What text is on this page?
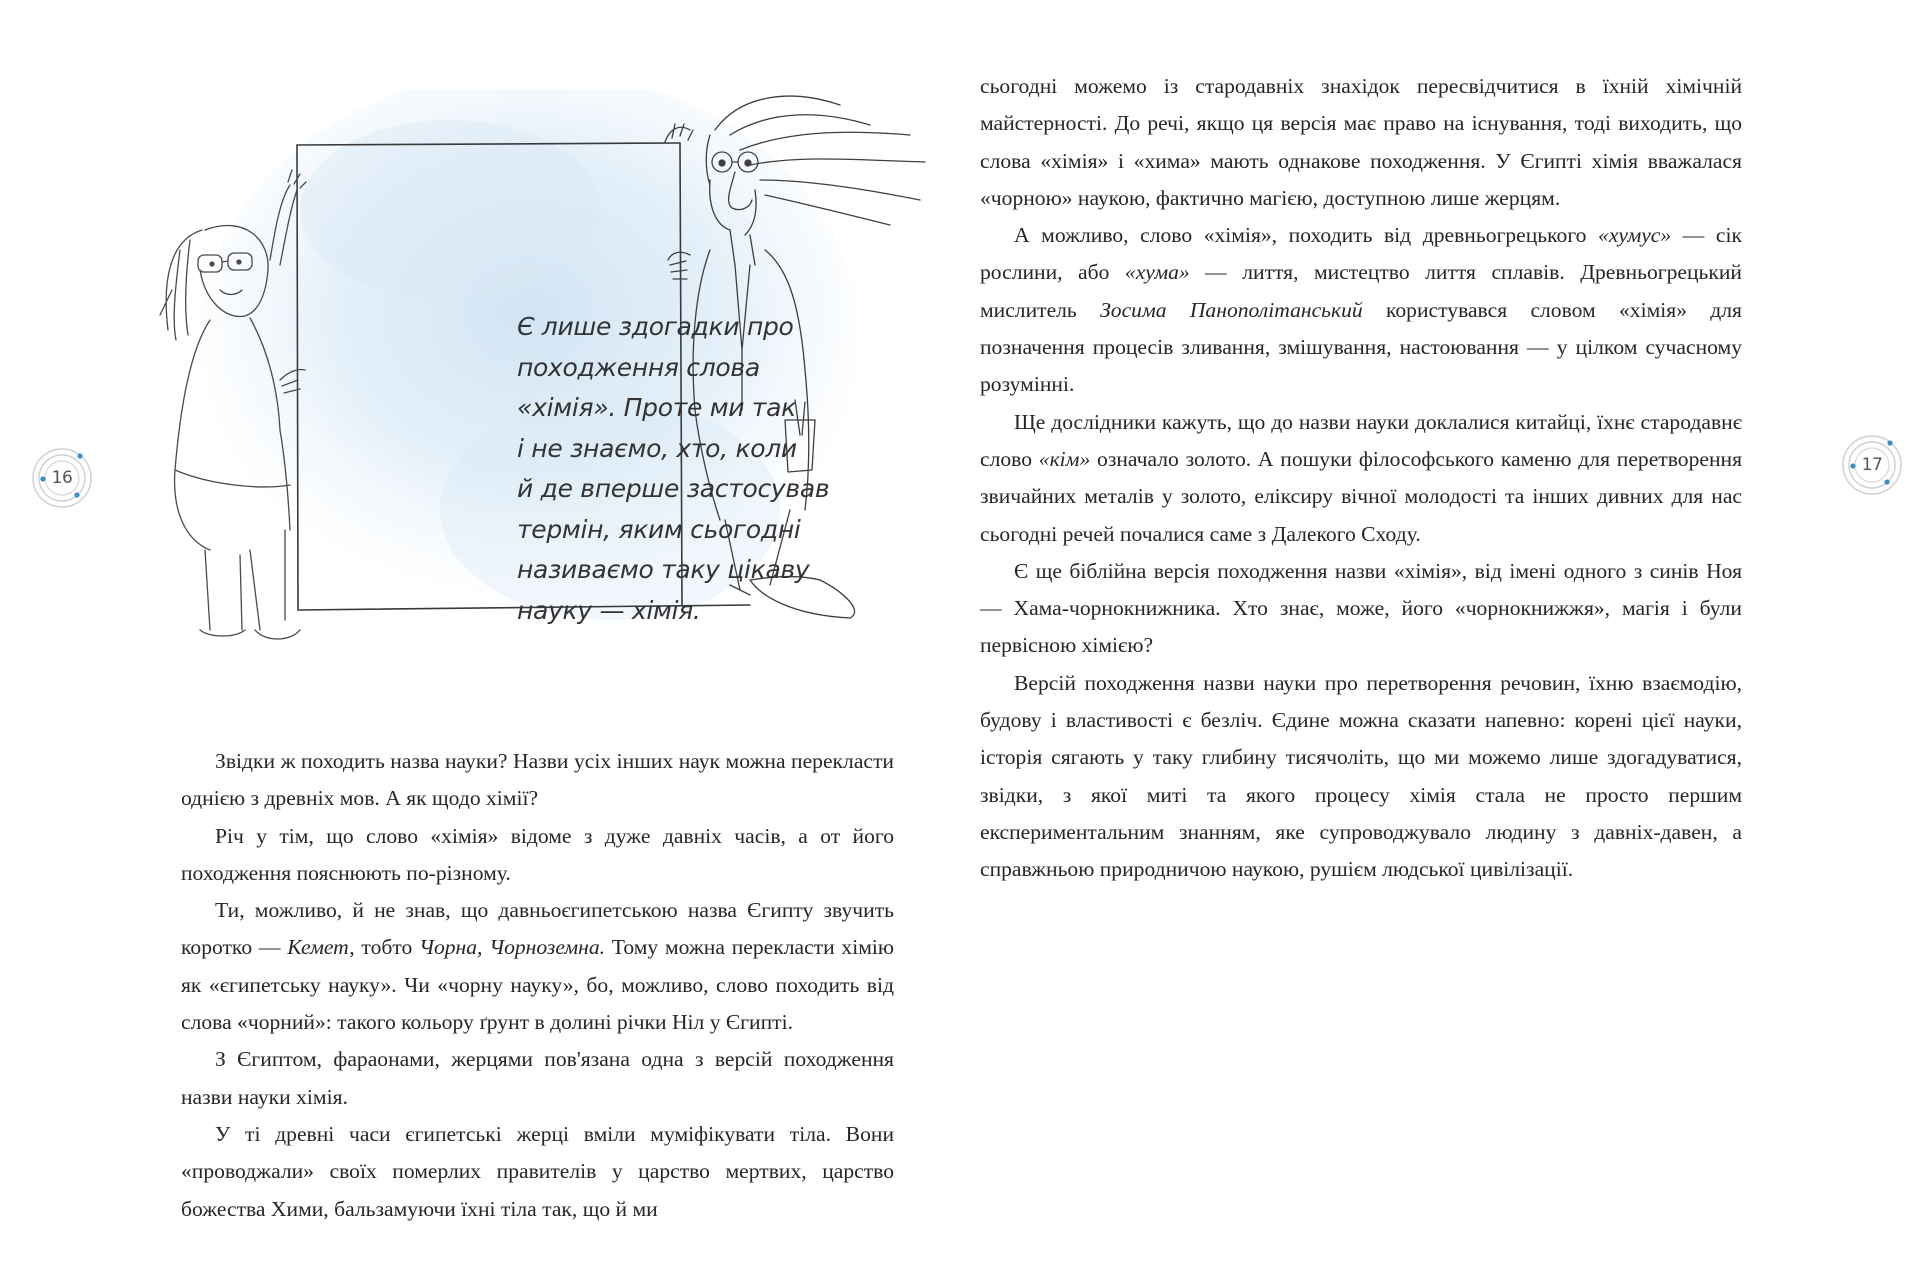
16
17
Є лише здогадки про
походження слова
«хімія». Проте ми так
і не знаємо, хто, коли
й де вперше застосував
термін, яким сьогодні
називаємо таку цікаву
науку — хімія.

Звідки ж походить назва науки? Назви усіх інших наук можна перекласти однією з древніх мов. А як щодо хімії?

Річ у тім, що слово «хімія» відоме з дуже давніх часів, а от його походження пояснюють по-різному.

Ти, можливо, й не знав, що давньоєгипетською назва Єгипту звучить коротко — Кемет, тобто Чорна, Чорноземна. Тому можна перекласти хімію як «єгипетську науку». Чи «чорну науку», бо, можливо, слово походить від слова «чорний»: такого кольору ґрунт в долині річки Ніл у Єгипті.

З Єгиптом, фараонами, жерцями пов'язана одна з версій походження назви науки хімія.

У ті древні часи єгипетські жерці вміли муміфікувати тіла. Вони «проводжали» своїх померлих правителів у царство мертвих, царство божества Хими, бальзамуючи їхні тіла так, що й ми

сьогодні можемо із стародавніх знахідок пересвідчитися в їхній хімічній майстерності. До речі, якщо ця версія має право на існування, тоді виходить, що слова «хімія» і «хима» мають однакове походження. У Єгипті хімія вважалася «чорною» наукою, фактично магією, доступною лише жерцям.

А можливо, слово «хімія», походить від древньогрецького «хумус» — сік рослини, або «хума» — лиття, мистецтво лиття сплавів. Древньогрецький мислитель Зосима Панополітанський користувався словом «хімія» для позначення процесів зливання, змішування, настоювання — у цілком сучасному розумінні.

Ще дослідники кажуть, що до назви науки доклалися китайці, їхнє стародавнє слово «кім» означало золото. А пошуки філософського каменю для перетворення звичайних металів у золото, еліксиру вічної молодості та інших дивних для нас сьогодні речей почалися саме з Далекого Сходу.

Є ще біблійна версія походження назви «хімія», від імені одного з синів Ноя — Хама-чорнокнижника. Хто знає, може, його «чорнокнижжя», магія і були первісною хімією?

Версій походження назви науки про перетворення речовин, їхню взаємодію, будову і властивості є безліч. Єдине можна сказати напевно: корені цієї науки, історія сягають у таку глибину тисячоліть, що ми можемо лише здогадуватися, звідки, з якої миті та якого процесу хімія стала не просто першим експериментальним знанням, яке супроводжувало людину з давніх-давен, а справжньою природничою наукою, рушієм людської цивілізації.
